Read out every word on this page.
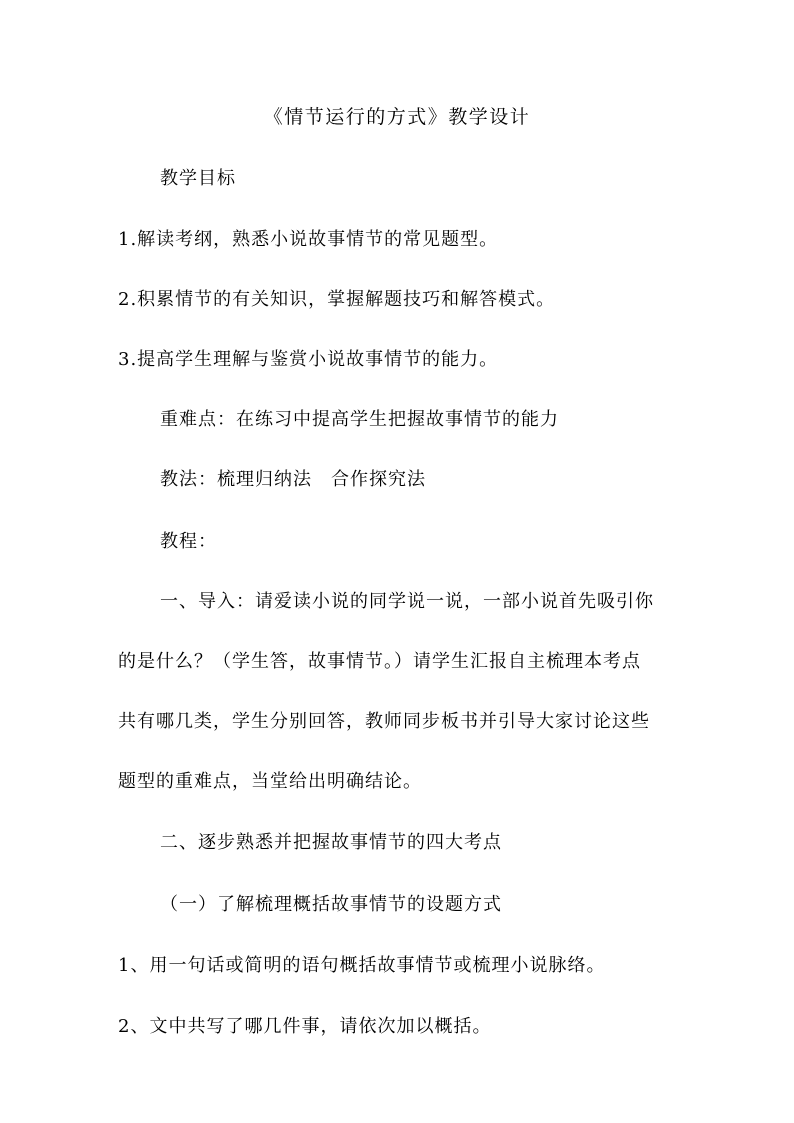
《情节运行的方式》教学设计
教学目标
1.解读考纲，熟悉小说故事情节的常见题型。
2.积累情节的有关知识，掌握解题技巧和解答模式。
3.提高学生理解与鉴赏小说故事情节的能力。
重难点：在练习中提高学生把握故事情节的能力
教法：梳理归纳法　合作探究法
教程：
一、导入：请爱读小说的同学说一说，一部小说首先吸引你
的是什么？（学生答，故事情节。）请学生汇报自主梳理本考点
共有哪几类，学生分别回答，教师同步板书并引导大家讨论这些
题型的重难点，当堂给出明确结论。
二、逐步熟悉并把握故事情节的四大考点
（一）了解梳理概括故事情节的设题方式
1、用一句话或简明的语句概括故事情节或梳理小说脉络。
2、文中共写了哪几件事，请依次加以概括。
